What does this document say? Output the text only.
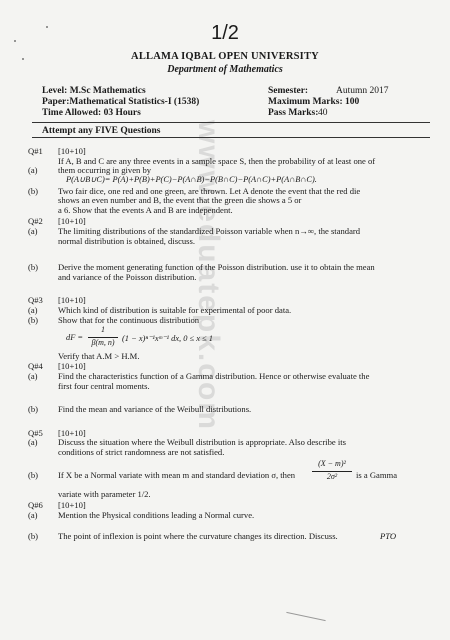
www.eduatepk.com
1/2
ALLAMA IQBAL OPEN UNIVERSITY
Department of Mathematics
Level: M.Sc Mathematics	Semester:	Autumn 2017
Paper:Mathematical Statistics-I (1538)	Maximum Marks: 100
Time Allowed: 03 Hours	Pass Marks: 40
Attempt any FIVE Questions
Q#1 [10+10]
If A, B and C are any three events in a sample space S, then the probability of at least one of
(a) them occurring in given by
P(A∪B∪C)= P(A)+P(B)+P(C)−P(A∩B)−P(B∩C)−P(A∩C)+P(A∩B∩C).
(b) Two fair dice, one red and one green, are thrown. Let A denote the event that the red die
shows an even number and B, the event that the green die shows a 5 or
a 6. Show that the events A and B are independent.
Q#2 [10+10]
(a) The limiting distributions of the standardized Poisson variable when n→∞, the standard
normal distribution is obtained, discuss.
(b) Derive the moment generating function of the Poisson distribution. use it to obtain the mean
and variance of the Poisson distribution.
Q#3 [10+10]
(a) Which kind of distribution is suitable for experimental of poor data.
(b) Show that for the continuous distribution
dF =
1
β(m, n) (1 − x)ⁿ⁻¹xᵐ⁻¹ dx, 0 ≤ x ≤ 1
Verify that A.M > H.M.
Q#4 [10+10]
(a) Find the characteristics function of a Gamma distribution. Hence or otherwise evaluate the
first four central moments.
(b) Find the mean and variance of the Weibull distributions.
Q#5 [10+10]
(a) Discuss the situation where the Weibull distribution is appropriate. Also describe its
conditions of strict randomness are not satisfied.
(b) If X be a Normal variate with mean m and standard deviation σ, then
(X − m)²
2σ²	is a Gamma
variate with parameter 1/2.
Q#6 [10+10]
(a) Mention the Physical conditions leading a Normal curve.
(b) The point of inflexion is point where the curvature changes its direction. Discuss.	PTO
